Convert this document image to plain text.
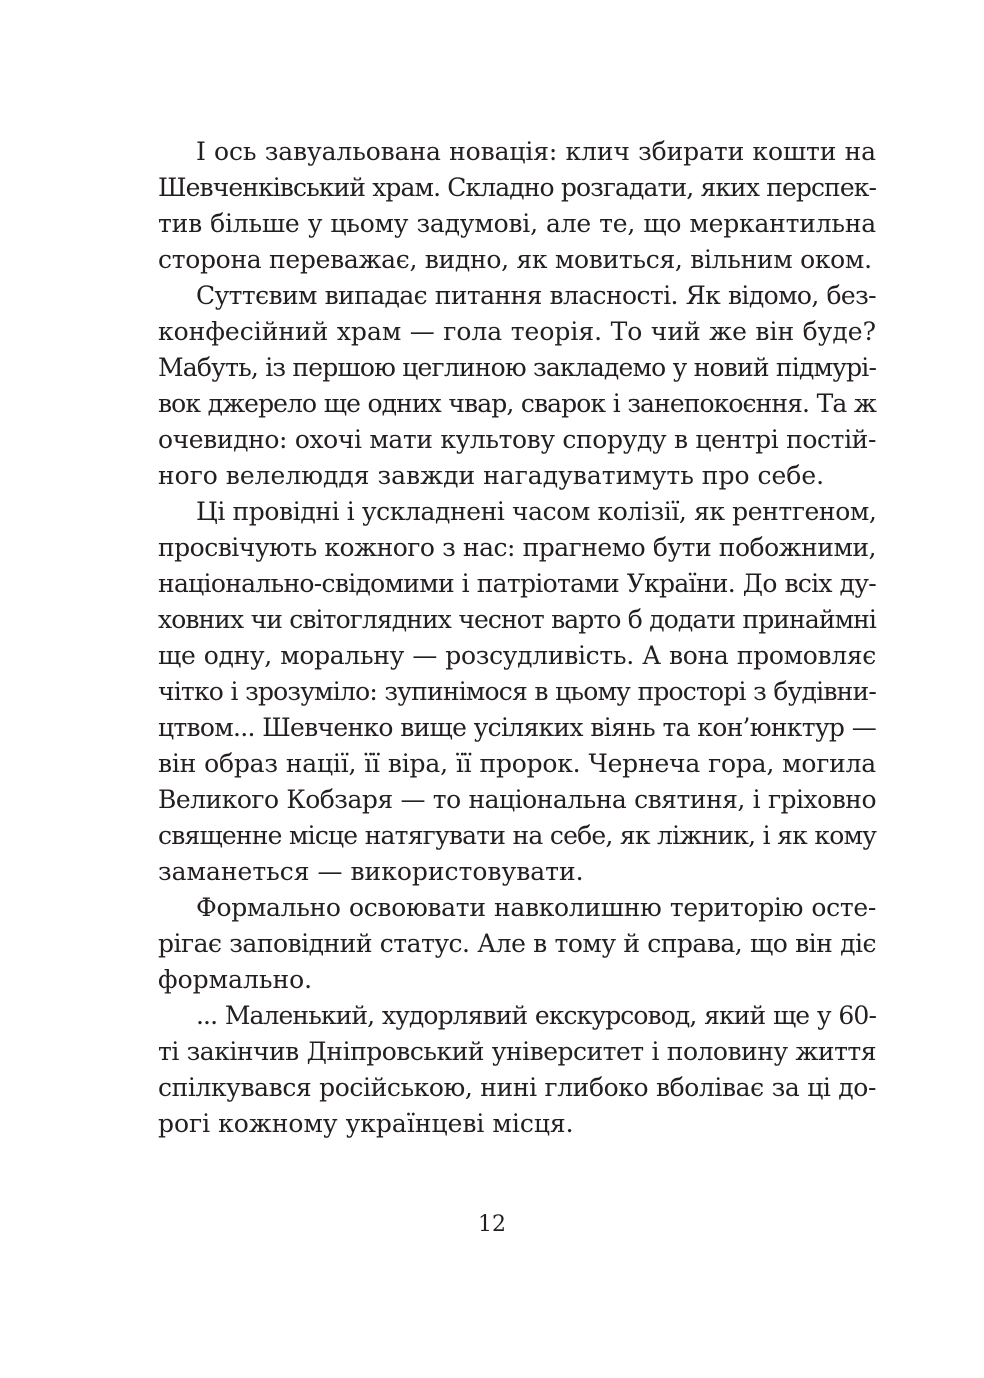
І ось завуальована новація: клич збирати кошти на
Шевченківський храм. Складно розгадати, яких перспек-
тив більше у цьому задумові, але те, що меркантильна
сторона переважає, видно, як мовиться, вільним оком.
Суттєвим випадає питання власності. Як відомо, без-
конфесійний храм — гола теорія. То чий же він буде?
Мабуть, із першою цеглиною закладемо у новий підмурі-
вок джерело ще одних чвар, сварок і занепокоєння. Та ж
очевидно: охочі мати культову споруду в центрі постій-
ного велелюддя завжди нагадуватимуть про себе.
Ці провідні і ускладнені часом колізії, як рентгеном,
просвічують кожного з нас: прагнемо бути побожними,
національно-свідомими і патріотами України. До всіх ду-
ховних чи світоглядних чеснот варто б додати принаймні
ще одну, моральну — розсудливість. А вона промовляє
чітко і зрозуміло: зупинімося в цьому просторі з будівни-
цтвом... Шевченко вище усіляких віянь та кон’юнктур —
він образ нації, її віра, її пророк. Чернеча гора, могила
Великого Кобзаря — то національна святиня, і гріховно
священне місце натягувати на себе, як ліжник, і як кому
заманеться — використовувати.
Формально освоювати навколишню територію осте-
рігає заповідний статус. Але в тому й справа, що він діє
формально.
... Маленький, худорлявий екскурсовод, який ще у 60-
ті закінчив Дніпровський університет і половину життя
спілкувався російською, нині глибоко вболіває за ці до-
рогі кожному українцеві місця.
12
